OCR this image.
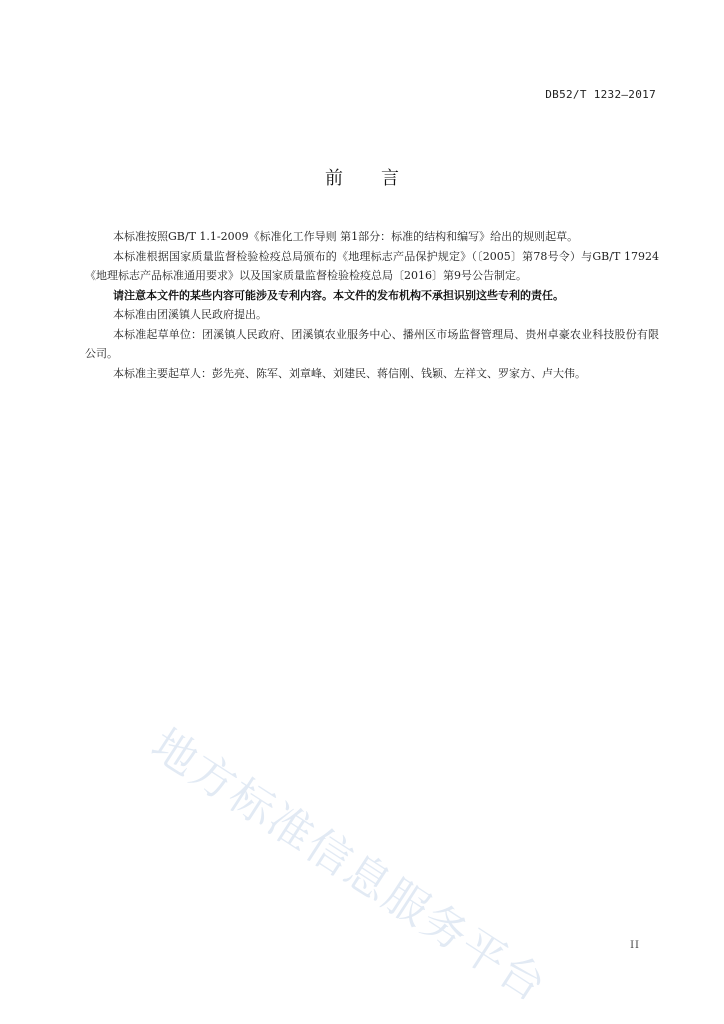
DB52/T 1232—2017
前言

本标准按照GB/T 1.1-2009《标准化工作导则 第1部分：标准的结构和编写》给出的规则起草。

本标准根据国家质量监督检验检疫总局颁布的《地理标志产品保护规定》（〔2005〕第78号令）与GB/T 17924《地理标志产品标准通用要求》以及国家质量监督检验检疫总局〔2016〕第9号公告制定。

请注意本文件的某些内容可能涉及专利内容。本文件的发布机构不承担识别这些专利的责任。

本标准由团溪镇人民政府提出。

本标准起草单位：团溪镇人民政府、团溪镇农业服务中心、播州区市场监督管理局、贵州卓豪农业科技股份有限公司。

本标准主要起草人：彭先亮、陈军、刘章峰、刘建民、蒋信刚、钱颖、左祥文、罗家方、卢大伟。

地方标准信息服务平台	II
